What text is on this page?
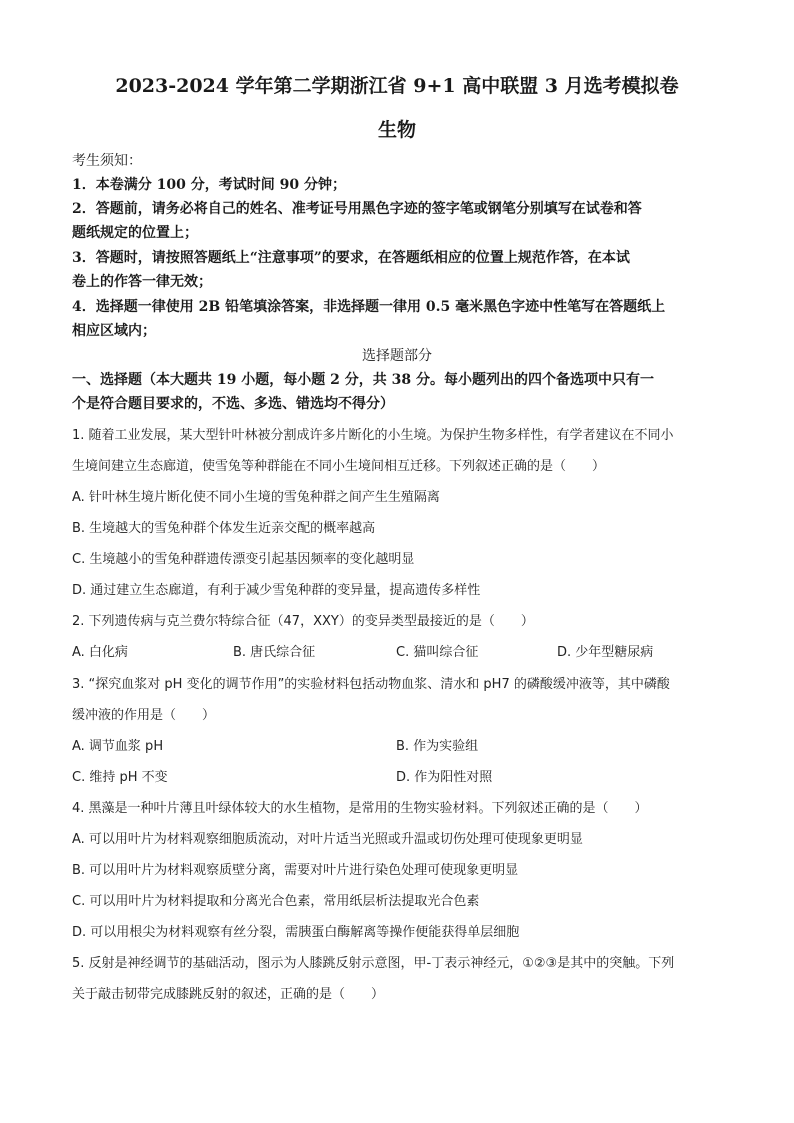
2023-2024 学年第二学期浙江省 9+1 高中联盟 3 月选考模拟卷
生物
考生须知：
1．本卷满分 100 分，考试时间 90 分钟；
2．答题前，请务必将自己的姓名、准考证号用黑色字迹的签字笔或钢笔分别填写在试卷和答
题纸规定的位置上；
3．答题时，请按照答题纸上“注意事项”的要求，在答题纸相应的位置上规范作答，在本试
卷上的作答一律无效；
4．选择题一律使用 2B 铅笔填涂答案，非选择题一律用 0.5 毫米黑色字迹中性笔写在答题纸上
相应区域内；
选择题部分
一、选择题（本大题共 19 小题，每小题 2 分，共 38 分。每小题列出的四个备选项中只有一
个是符合题目要求的，不选、多选、错选均不得分）
1. 随着工业发展，某大型针叶林被分割成许多片断化的小生境。为保护生物多样性，有学者建议在不同小
生境间建立生态廊道，使雪兔等种群能在不同小生境间相互迁移。下列叙述正确的是（　　）
A. 针叶林生境片断化使不同小生境的雪兔种群之间产生生殖隔离
B. 生境越大的雪兔种群个体发生近亲交配的概率越高
C. 生境越小的雪兔种群遗传漂变引起基因频率的变化越明显
D. 通过建立生态廊道，有利于减少雪兔种群的变异量，提高遗传多样性
2. 下列遗传病与克兰费尔特综合征（47，XXY）的变异类型最接近的是（　　）
A. 白化病	B. 唐氏综合征	C. 猫叫综合征	D. 少年型糖尿病
3. “探究血浆对 pH 变化的调节作用”的实验材料包括动物血浆、清水和 pH7 的磷酸缓冲液等，其中磷酸
缓冲液的作用是（　　）
A. 调节血浆 pH	B. 作为实验组
C. 维持 pH 不变	D. 作为阳性对照
4. 黑藻是一种叶片薄且叶绿体较大的水生植物，是常用的生物实验材料。下列叙述正确的是（　　）
A. 可以用叶片为材料观察细胞质流动，对叶片适当光照或升温或切伤处理可使现象更明显
B. 可以用叶片为材料观察质壁分离，需要对叶片进行染色处理可使现象更明显
C. 可以用叶片为材料提取和分离光合色素，常用纸层析法提取光合色素
D. 可以用根尖为材料观察有丝分裂，需胰蛋白酶解离等操作便能获得单层细胞
5. 反射是神经调节的基础活动，图示为人膝跳反射示意图，甲-丁表示神经元，①②③是其中的突触。下列
关于敲击韧带完成膝跳反射的叙述，正确的是（　　）
